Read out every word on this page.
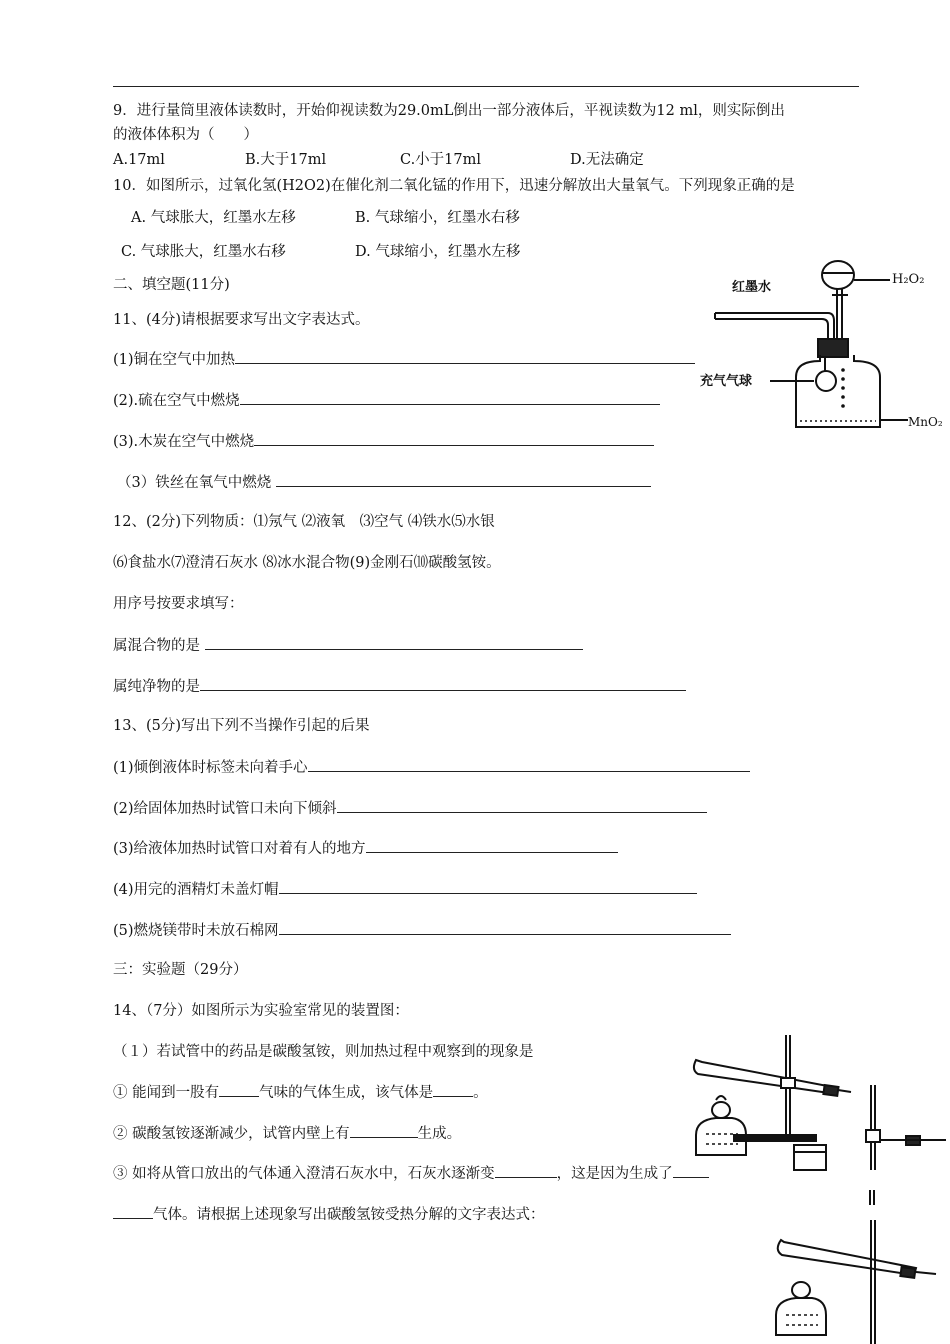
9．进行量筒里液体读数时，开始仰视读数为29.0mL倒出一部分液体后，平视读数为12 ml，则实际倒出
的液体体积为（　　）
A.17ml	B.大于17ml	C.小于17ml	D.无法确定
10．如图所示，过氧化氢(H2O2)在催化剂二氧化锰的作用下，迅速分解放出大量氧气。下列现象正确的是
A. 气球胀大，红墨水左移	B. 气球缩小，红墨水右移
C. 气球胀大，红墨水右移	D. 气球缩小，红墨水左移
红墨水
H₂O₂
充气气球
MnO₂
二、填空题(11分)
11、(4分)请根据要求写出文字表达式。
(1)铜在空气中加热
(2).硫在空气中燃烧
(3).木炭在空气中燃烧
（3）铁丝在氧气中燃烧
12、(2分)下列物质：⑴氖气 ⑵液氧　⑶空气 ⑷铁水⑸水银
⑹食盐水⑺澄清石灰水 ⑻冰水混合物(9)金刚石⑽碳酸氢铵。
用序号按要求填写：
属混合物的是
属纯净物的是
13、(5分)写出下列不当操作引起的后果
(1)倾倒液体时标签未向着手心
(2)给固体加热时试管口未向下倾斜
(3)给液体加热时试管口对着有人的地方
(4)用完的酒精灯未盖灯帽
(5)燃烧镁带时未放石棉网
三：实验题（29分）
14、（7分）如图所示为实验室常见的装置图：
（１）若试管中的药品是碳酸氢铵，则加热过程中观察到的现象是
① 能闻到一股有	气味的气体生成，该气体是	。
② 碳酸氢铵逐渐减少，试管内壁上有	生成。
③ 如将从管口放出的气体通入澄清石灰水中，石灰水逐渐变	，这是因为生成了
气体。请根据上述现象写出碳酸氢铵受热分解的文字表达式：
